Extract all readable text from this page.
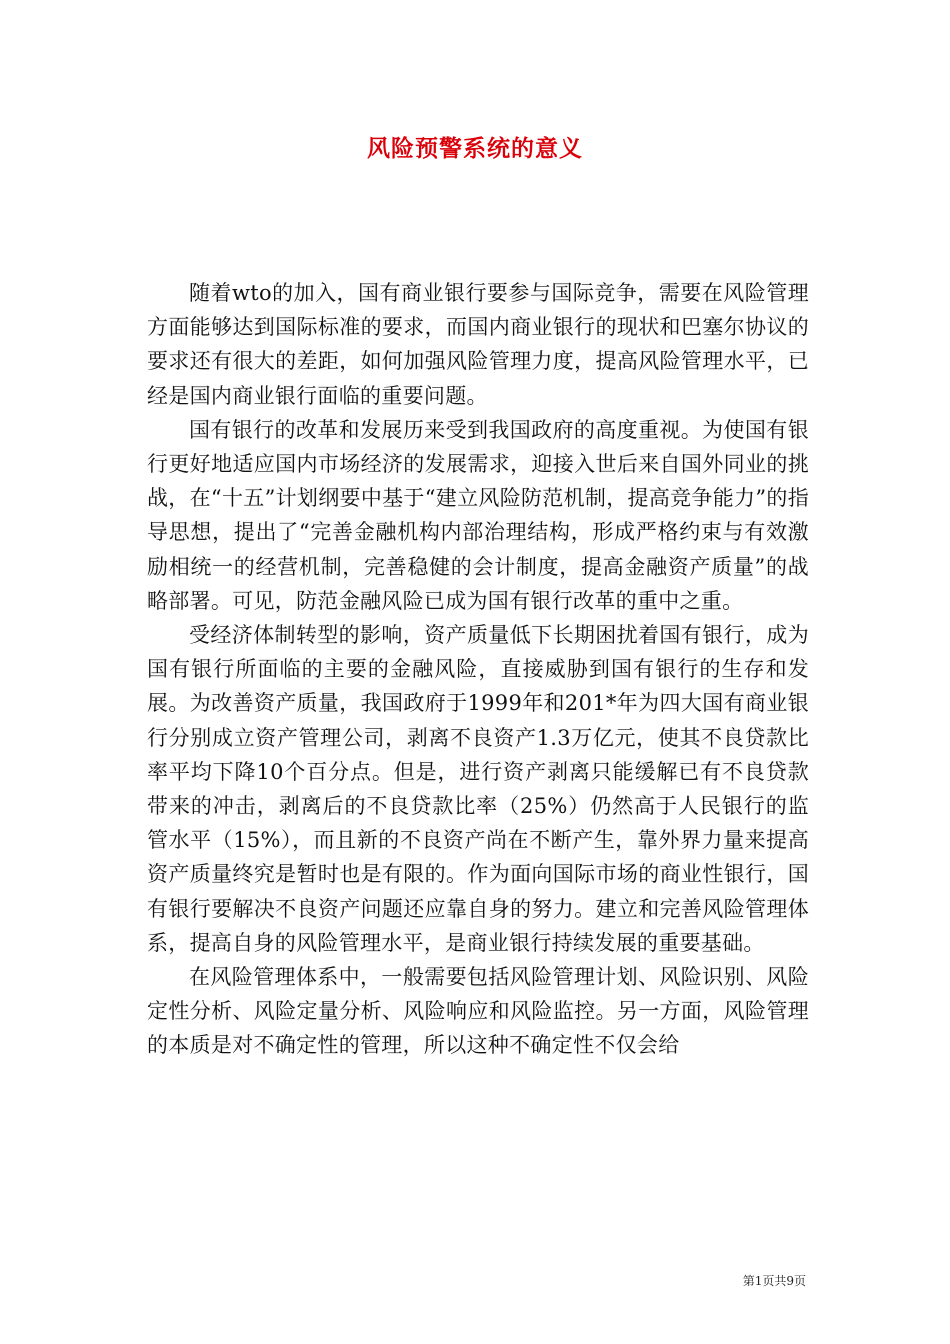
风险预警系统的意义

随着wto的加入，国有商业银行要参与国际竞争，需要在风险管理方面能够达到国际标准的要求，而国内商业银行的现状和巴塞尔协议的要求还有很大的差距，如何加强风险管理力度，提高风险管理水平，已经是国内商业银行面临的重要问题。

国有银行的改革和发展历来受到我国政府的高度重视。为使国有银行更好地适应国内市场经济的发展需求，迎接入世后来自国外同业的挑战，在“十五”计划纲要中基于“建立风险防范机制，提高竞争能力”的指导思想，提出了“完善金融机构内部治理结构，形成严格约束与有效激励相统一的经营机制，完善稳健的会计制度，提高金融资产质量”的战略部署。可见，防范金融风险已成为国有银行改革的重中之重。

受经济体制转型的影响，资产质量低下长期困扰着国有银行，成为国有银行所面临的主要的金融风险，直接威胁到国有银行的生存和发展。为改善资产质量，我国政府于1999年和201*年为四大国有商业银行分别成立资产管理公司，剥离不良资产1.3万亿元，使其不良贷款比率平均下降10个百分点。但是，进行资产剥离只能缓解已有不良贷款带来的冲击，剥离后的不良贷款比率（25%）仍然高于人民银行的监管水平（15%），而且新的不良资产尚在不断产生，靠外界力量来提高资产质量终究是暂时也是有限的。作为面向国际市场的商业性银行，国有银行要解决不良资产问题还应靠自身的努力。建立和完善风险管理体系，提高自身的风险管理水平，是商业银行持续发展的重要基础。

在风险管理体系中，一般需要包括风险管理计划、风险识别、风险定性分析、风险定量分析、风险响应和风险监控。另一方面，风险管理的本质是对不确定性的管理，所以这种不确定性不仅会给

第1页共9页
